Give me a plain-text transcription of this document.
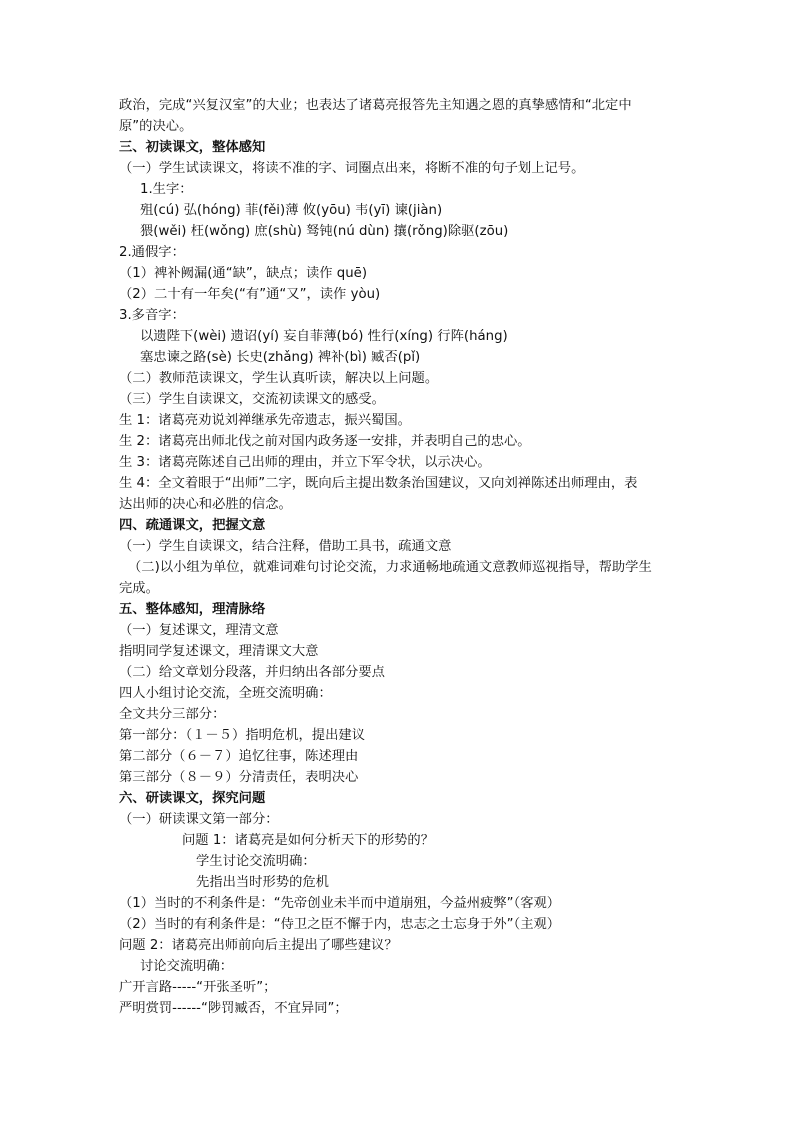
政治，完成“兴复汉室”的大业；也表达了诸葛亮报答先主知遇之恩的真挚感情和“北定中
原”的决心。
三、初读课文，整体感知
（一）学生试读课文，将读不准的字、词圈点出来，将断不准的句子划上记号。
1.生字：
殂(cú) 弘(hóng) 菲(fěi)薄 攸(yōu) 韦(yī) 谏(jiàn)
猥(wěi) 枉(wǒng) 庶(shù) 驽钝(nú dùn) 攘(rǒng)除驱(zōu)
2.通假字：
（1）裨补阙漏(通“缺”，缺点；读作 quē)
（2）二十有一年矣(“有”通“又”，读作 yòu)
3.多音字：
以遗陛下(wèi) 遗诏(yí) 妄自菲薄(bó) 性行(xíng) 行阵(háng)
塞忠谏之路(sè) 长史(zhǎng) 裨补(bì) 臧否(pǐ)
（二）教师范读课文，学生认真听读，解决以上问题。
（三）学生自读课文，交流初读课文的感受。
生 1：诸葛亮劝说刘禅继承先帝遗志，振兴蜀国。
生 2：诸葛亮出师北伐之前对国内政务逐一安排，并表明自己的忠心。
生 3：诸葛亮陈述自己出师的理由，并立下军令状，以示决心。
生 4：全文着眼于“出师”二字，既向后主提出数条治国建议，又向刘禅陈述出师理由，表
达出师的决心和必胜的信念。
四、疏通课文，把握文意
（一）学生自读课文，结合注释，借助工具书，疏通文意
（二)以小组为单位，就难词难句讨论交流，力求通畅地疏通文意教师巡视指导，帮助学生
完成。
五、整体感知，理清脉络
（一）复述课文，理清文意
指明同学复述课文，理清课文大意
（二）给文章划分段落，并归纳出各部分要点
四人小组讨论交流，全班交流明确：
全文共分三部分：
第一部分：（１－５）指明危机，提出建议
第二部分（６－７）追忆往事，陈述理由
第三部分（８－９）分清责任，表明决心
六、研读课文，探究问题
（一）研读课文第一部分：
问题 1：诸葛亮是如何分析天下的形势的？
学生讨论交流明确：
先指出当时形势的危机
（1）当时的不利条件是：“先帝创业未半而中道崩殂，今益州疲弊”（客观）
（2）当时的有利条件是：“侍卫之臣不懈于内，忠志之士忘身于外”（主观）
问题 2：诸葛亮出师前向后主提出了哪些建议？
讨论交流明确：
广开言路-----“开张圣听”；
严明赏罚------“陟罚臧否，不宜异同”；
